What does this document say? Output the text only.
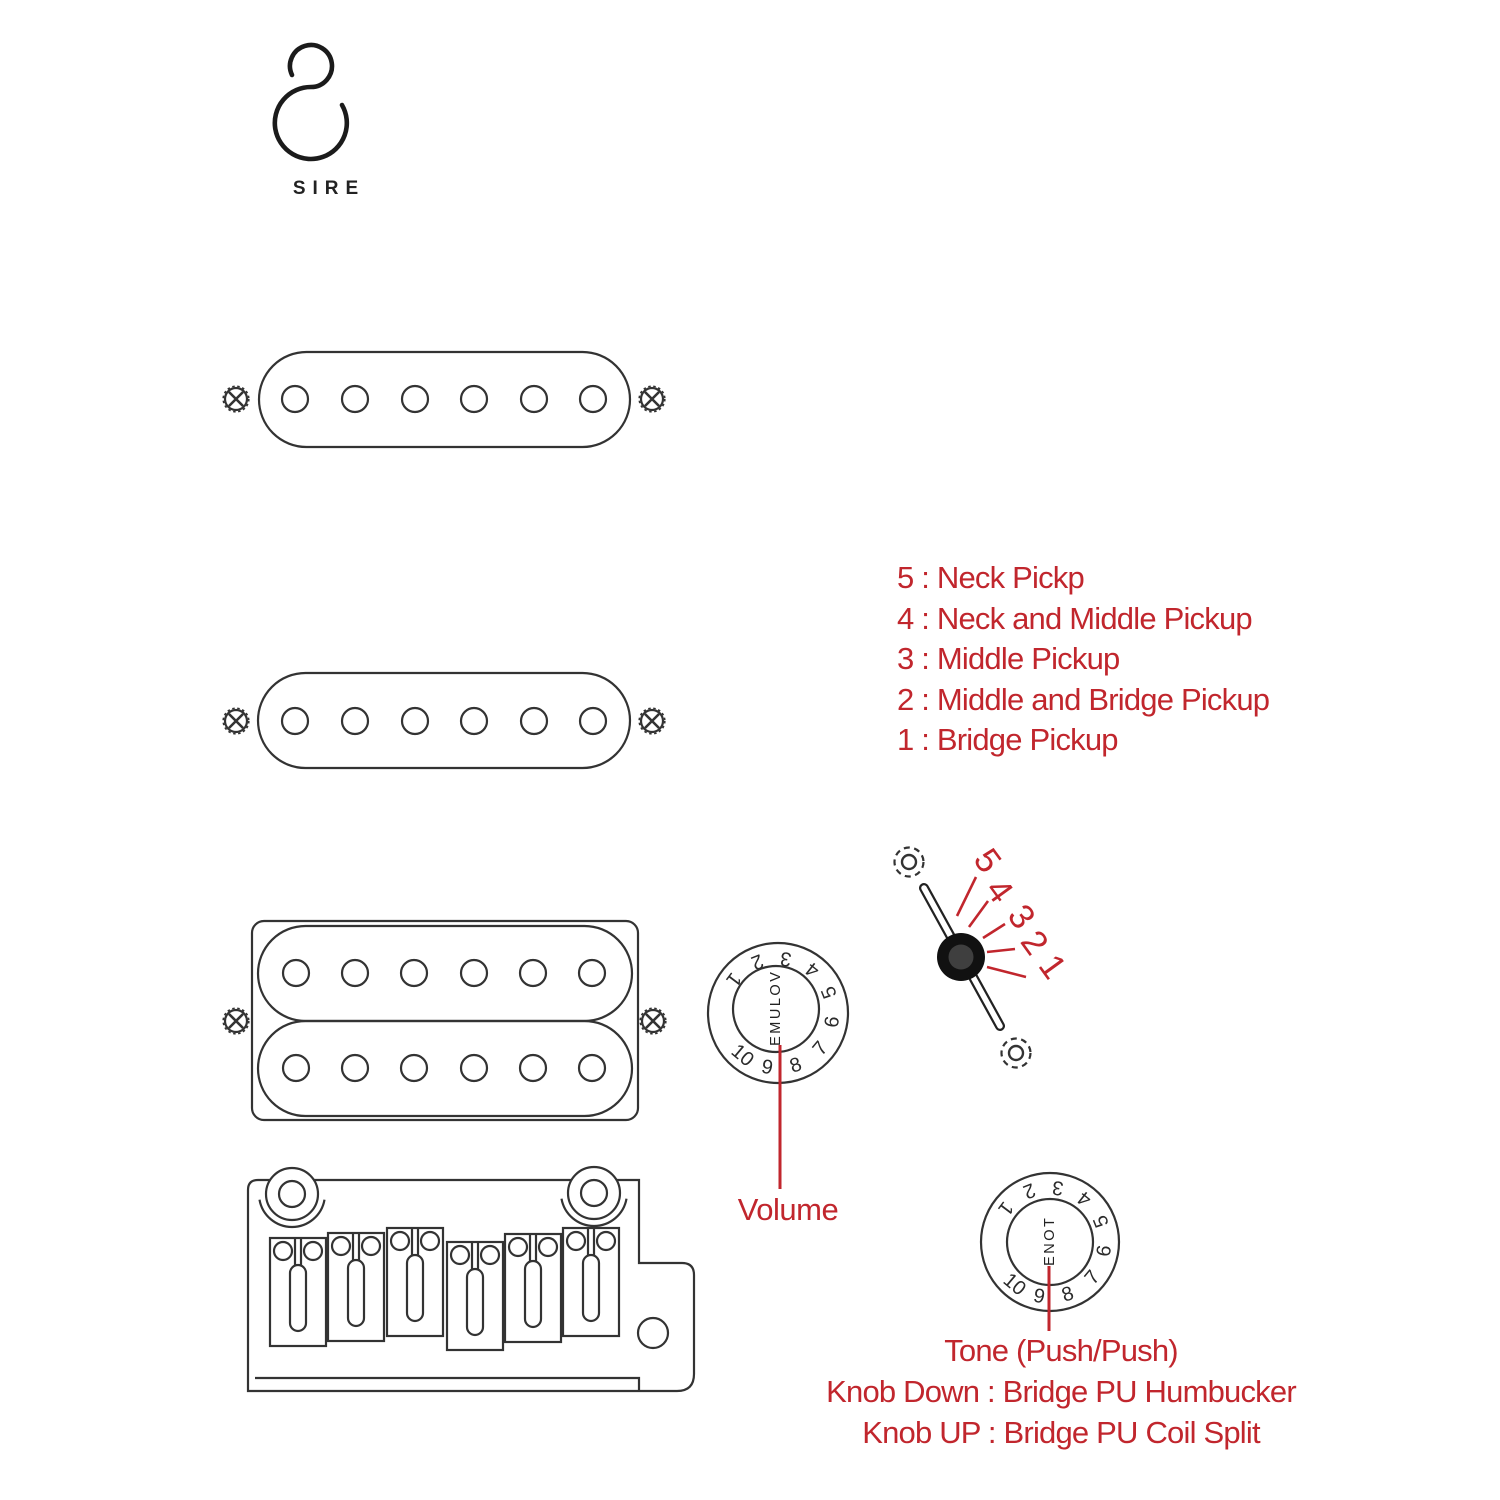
SIRE
5 : Neck Pickp
4 : Neck and Middle Pickup
3 : Middle Pickup
2 : Middle and Bridge Pickup
1 : Bridge Pickup
5
4
3
2
1
1
2 3 4
5
6
7
8
9
10
1
2 3 4
5
6
7
8
9
10
EMULOV
ENOT
Volume
Tone (Push/Push)
Knob Down : Bridge PU Humbucker
Knob UP : Bridge PU Coil Split
